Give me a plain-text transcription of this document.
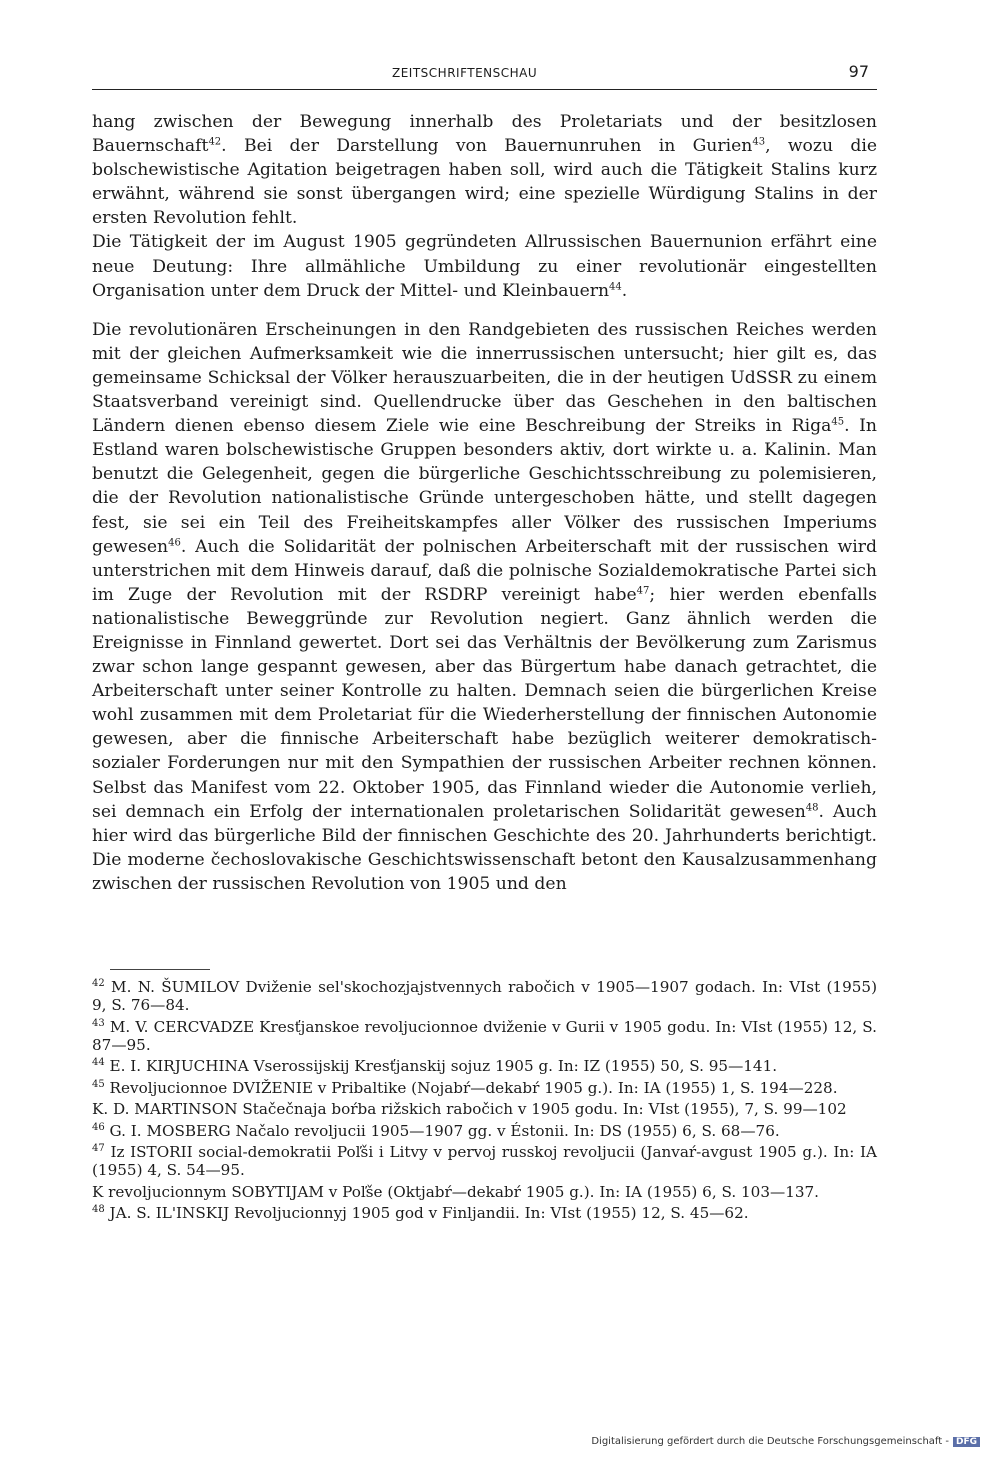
ZEITSCHRIFTENSCHAU	97

hang zwischen der Bewegung innerhalb des Proletariats und der besitzlosen Bauernschaft$^{42}$. Bei der Darstellung von Bauernunruhen in Gurien$^{43}$, wozu die bolschewistische Agitation beigetragen haben soll, wird auch die Tätigkeit Stalins kurz erwähnt, während sie sonst übergangen wird; eine spezielle Würdigung Stalins in der ersten Revolution fehlt.

Die Tätigkeit der im August 1905 gegründeten Allrussischen Bauernunion erfährt eine neue Deutung: Ihre allmähliche Umbildung zu einer revolutionär eingestellten Organisation unter dem Druck der Mittel- und Kleinbauern$^{44}$.

Die revolutionären Erscheinungen in den Randgebieten des russischen Reiches werden mit der gleichen Aufmerksamkeit wie die innerrussischen untersucht; hier gilt es, das gemeinsame Schicksal der Völker herauszuarbeiten, die in der heutigen UdSSR zu einem Staatsverband vereinigt sind. Quellendrucke über das Geschehen in den baltischen Ländern dienen ebenso diesem Ziele wie eine Beschreibung der Streiks in Riga$^{45}$. In Estland waren bolschewistische Gruppen besonders aktiv, dort wirkte u. a. Kalinin. Man benutzt die Gelegenheit, gegen die bürgerliche Geschichtsschreibung zu polemisieren, die der Revolution nationalistische Gründe untergeschoben hätte, und stellt dagegen fest, sie sei ein Teil des Freiheitskampfes aller Völker des russischen Imperiums gewesen$^{46}$. Auch die Solidarität der polnischen Arbeiterschaft mit der russischen wird unterstrichen mit dem Hinweis darauf, daß die polnische Sozialdemokratische Partei sich im Zuge der Revolution mit der RSDRP vereinigt habe$^{47}$; hier werden ebenfalls nationalistische Beweggründe zur Revolution negiert. Ganz ähnlich werden die Ereignisse in Finnland gewertet. Dort sei das Verhältnis der Bevölkerung zum Zarismus zwar schon lange gespannt gewesen, aber das Bürgertum habe danach getrachtet, die Arbeiterschaft unter seiner Kontrolle zu halten. Demnach seien die bürgerlichen Kreise wohl zusammen mit dem Proletariat für die Wiederherstellung der finnischen Autonomie gewesen, aber die finnische Arbeiterschaft habe bezüglich weiterer demokratisch-sozialer Forderungen nur mit den Sympathien der russischen Arbeiter rechnen können. Selbst das Manifest vom 22. Oktober 1905, das Finnland wieder die Autonomie verlieh, sei demnach ein Erfolg der internationalen proletarischen Solidarität gewesen$^{48}$. Auch hier wird das bürgerliche Bild der finnischen Geschichte des 20. Jahrhunderts berichtigt. Die moderne čechoslovakische Geschichtswissenschaft betont den Kausalzusammenhang zwischen der russischen Revolution von 1905 und den

$^{42}$ M. N. ŠUMILOV Dviženie sel'skochozjajstvennych rabočich v 1905—1907 godach. In: VIst (1955) 9, S. 76—84.

$^{43}$ M. V. CERCVADZE Kresťjanskoe revoljucionnoe dviženie v Gurii v 1905 godu. In: VIst (1955) 12, S. 87—95.

$^{44}$ E. I. KIRJUCHINA Vserossijskij Kresťjanskij sojuz 1905 g. In: IZ (1955) 50, S. 95—141.

$^{45}$ Revoljucionnoe DVIŽENIE v Pribaltike (Nojabŕ—dekabŕ 1905 g.). In: IA (1955) 1, S. 194—228.

K. D. MARTINSON Stačečnaja boŕba rižskich rabočich v 1905 godu. In: VIst (1955), 7, S. 99—102

$^{46}$ G. I. MOSBERG Načalo revoljucii 1905—1907 gg. v Éstonii. In: DS (1955) 6, S. 68—76.

$^{47}$ Iz ISTORII social-demokratii Poľši i Litvy v pervoj russkoj revoljucii (Janvaŕ-avgust 1905 g.). In: IA (1955) 4, S. 54—95.

K revoljucionnym SOBYTIJAM v Poľše (Oktjabŕ—dekabŕ 1905 g.). In: IA (1955) 6, S. 103—137.

$^{48}$ JA. S. IL'INSKIJ Revoljucionnyj 1905 god v Finljandii. In: VIst (1955) 12, S. 45—62.

Digitalisierung gefördert durch die Deutsche Forschungsgemeinschaft - DFG
